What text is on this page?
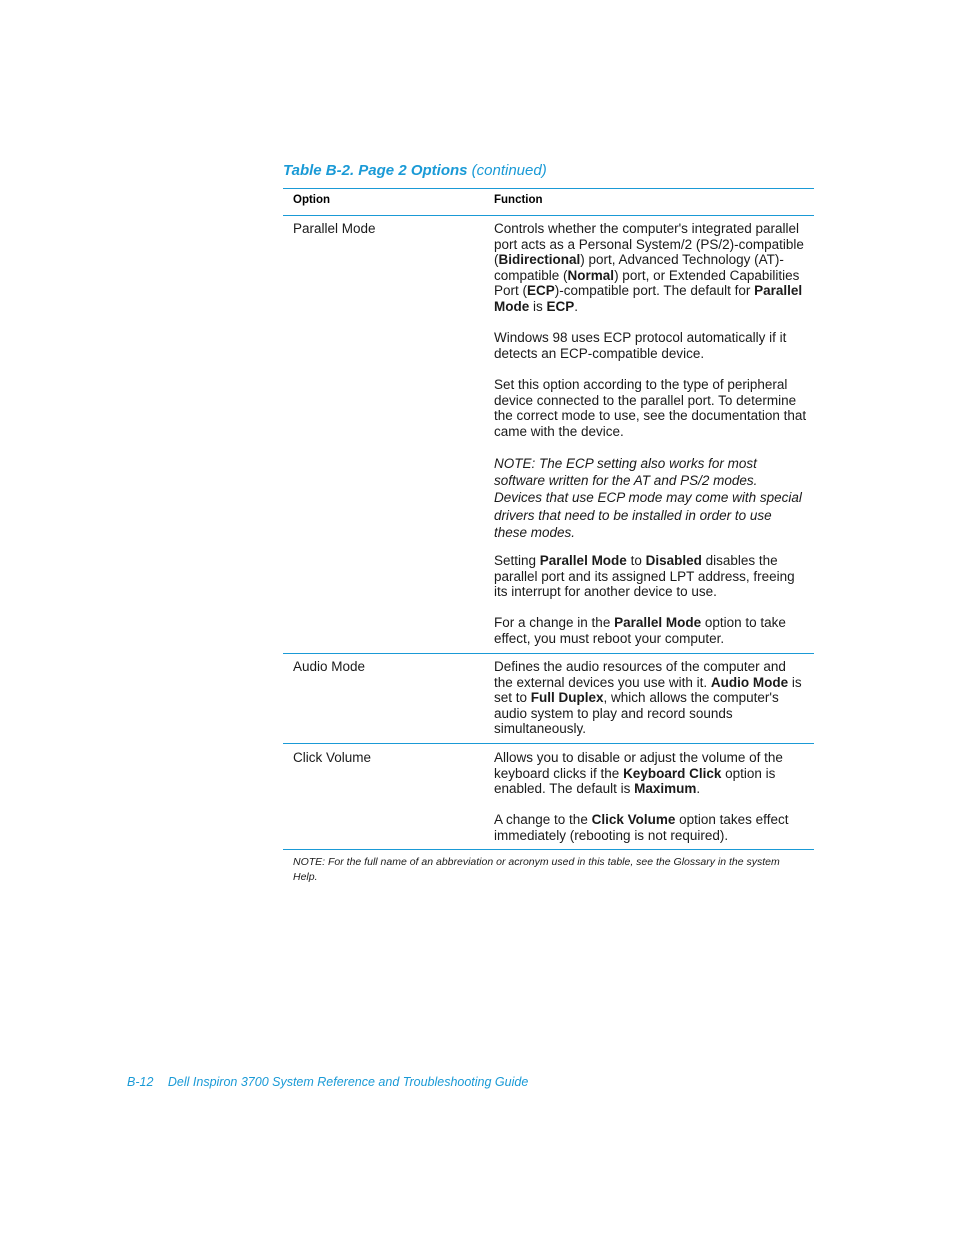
Table B-2. Page 2 Options (continued)
Option	Function
Parallel Mode	Controls whether the computer's integrated parallel port acts as a Personal System/2 (PS/2)-compatible (Bidirectional) port, Advanced Technology (AT)-compatible (Normal) port, or Extended Capabilities Port (ECP)-compatible port. The default for Parallel Mode is ECP.

Windows 98 uses ECP protocol automatically if it detects an ECP-compatible device.

Set this option according to the type of peripheral device connected to the parallel port. To determine the correct mode to use, see the documentation that came with the device.

NOTE: The ECP setting also works for most software written for the AT and PS/2 modes. Devices that use ECP mode may come with special drivers that need to be installed in order to use these modes.

Setting Parallel Mode to Disabled disables the parallel port and its assigned LPT address, freeing its interrupt for another device to use.

For a change in the Parallel Mode option to take effect, you must reboot your computer.

Audio Mode	Defines the audio resources of the computer and the external devices you use with it. Audio Mode is set to Full Duplex, which allows the computer's audio system to play and record sounds simultaneously.

Click Volume	Allows you to disable or adjust the volume of the keyboard clicks if the Keyboard Click option is enabled. The default is Maximum.

A change to the Click Volume option takes effect immediately (rebooting is not required).

NOTE: For the full name of an abbreviation or acronym used in this table, see the Glossary in the system Help.
B-12 Dell Inspiron 3700 System Reference and Troubleshooting Guide
